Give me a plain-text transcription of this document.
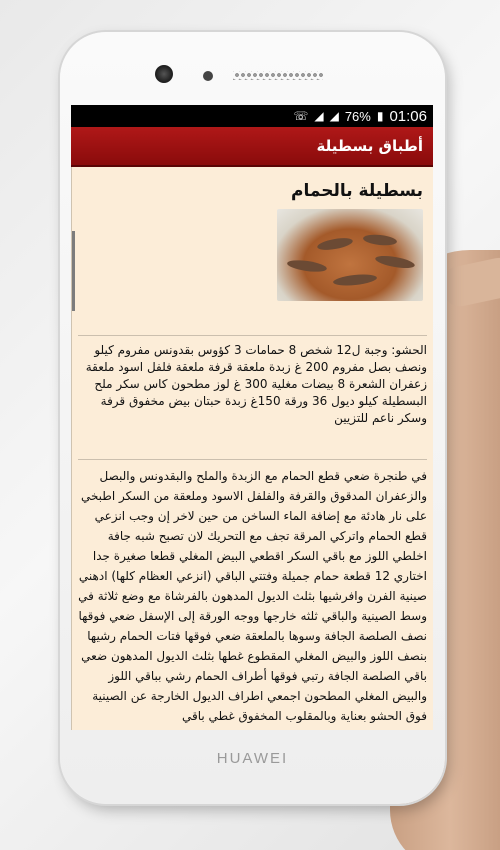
HUAWEI
☏ ◢ ◢ 76% ▮ 01:06
أطباق بسطيلة
بسطيلة بالحمام
الحشو: وجبة ل12 شخص 8 حمامات 3 كؤوس بقدونس مفروم كيلو ونصف بصل مفروم 200 غ زبدة ملعقة قرفة ملعقة فلفل اسود ملعقة زعفران الشعرة 8 بيضات مغلية 300 غ لوز مطحون كاس سكر ملح البسطيلة كيلو ديول 36 ورقة 150غ زبدة حبتان بيض مخفوق قرفة وسكر ناعم للتزيين
في طنجرة ضعي قطع الحمام مع الزبدة والملح والبقدونس والبصل والزعفران المدقوق والقرفة والفلفل الاسود وملعقة من السكر اطبخي على نار هادئة مع إضافة الماء الساخن من حين لاخر إن وجب انزعي قطع الحمام واتركي المرقة تجف مع التحريك لان تصبح شبه جافة اخلطي اللوز مع باقي السكر اقطعي البيض المغلي قطعا صغيرة جدا اختاري 12 قطعة حمام جميلة وفتتي الباقي (انزعي العظام كلها) ادهني صينية الفرن وافرشيها بثلث الديول المدهون بالفرشاة مع وضع ثلاثة في وسط الصينية والباقي ثلثه خارجها ووجه الورقة إلى الإسفل ضعي فوقها نصف الصلصة الجافة وسوها بالملعقة ضعي فوقها فتات الحمام رشيها بنصف اللوز والبيض المغلي المقطوع غطها بثلث الديول المدهون ضعي باقي الصلصة الجافة رتبي فوقها أطراف الحمام رشي بباقي اللوز والبيض المغلي المطحون اجمعي اطراف الديول الخارجة عن الصينية فوق الحشو بعناية وبالمقلوب المخفوق غطي باقي
